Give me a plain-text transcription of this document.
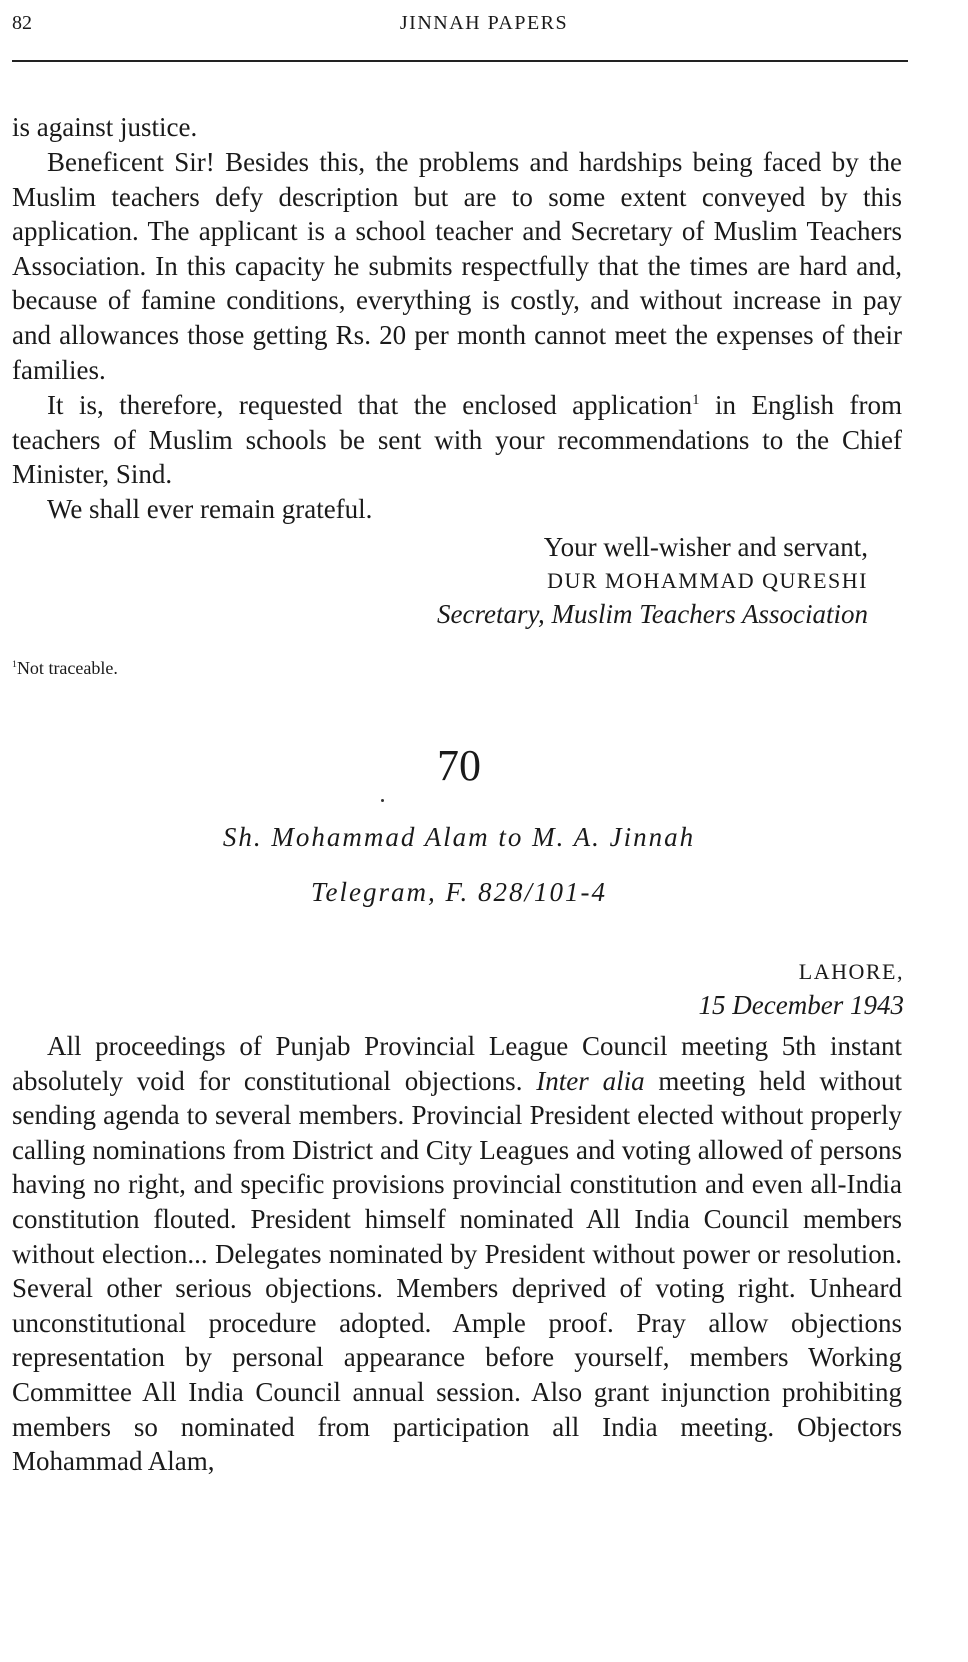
82	JINNAH PAPERS

is against justice.

Beneficent Sir! Besides this, the problems and hardships being faced by the Muslim teachers defy description but are to some extent conveyed by this application. The applicant is a school teacher and Secretary of Muslim Teachers Association. In this capacity he submits respectfully that the times are hard and, because of famine conditions, everything is costly, and without increase in pay and allowances those getting Rs. 20 per month cannot meet the expenses of their families.

It is, therefore, requested that the enclosed application$^1$ in English from teachers of Muslim schools be sent with your recommendations to the Chief Minister, Sind.

We shall ever remain grateful.

Your well-wisher and servant,

DUR MOHAMMAD QURESHI

Secretary, Muslim Teachers Association

$^1$Not traceable.

70

Sh. Mohammad Alam to M. A. Jinnah

Telegram, F. 828/101-4

LAHORE,

15 December 1943

All proceedings of Punjab Provincial League Council meeting 5th instant absolutely void for constitutional objections. Inter alia meeting held without sending agenda to several members. Provincial President elected without properly calling nominations from District and City Leagues and voting allowed of persons having no right, and specific provisions provincial constitution and even all-India constitution flouted. President himself nominated All India Council members without election... Delegates nominated by President without power or resolution. Several other serious objections. Members deprived of voting right. Unheard unconstitutional procedure adopted. Ample proof. Pray allow objections representation by personal appearance before yourself, members Working Committee All India Council annual session. Also grant injunction prohibiting members so nominated from participation all India meeting. Objectors Mohammad Alam,
